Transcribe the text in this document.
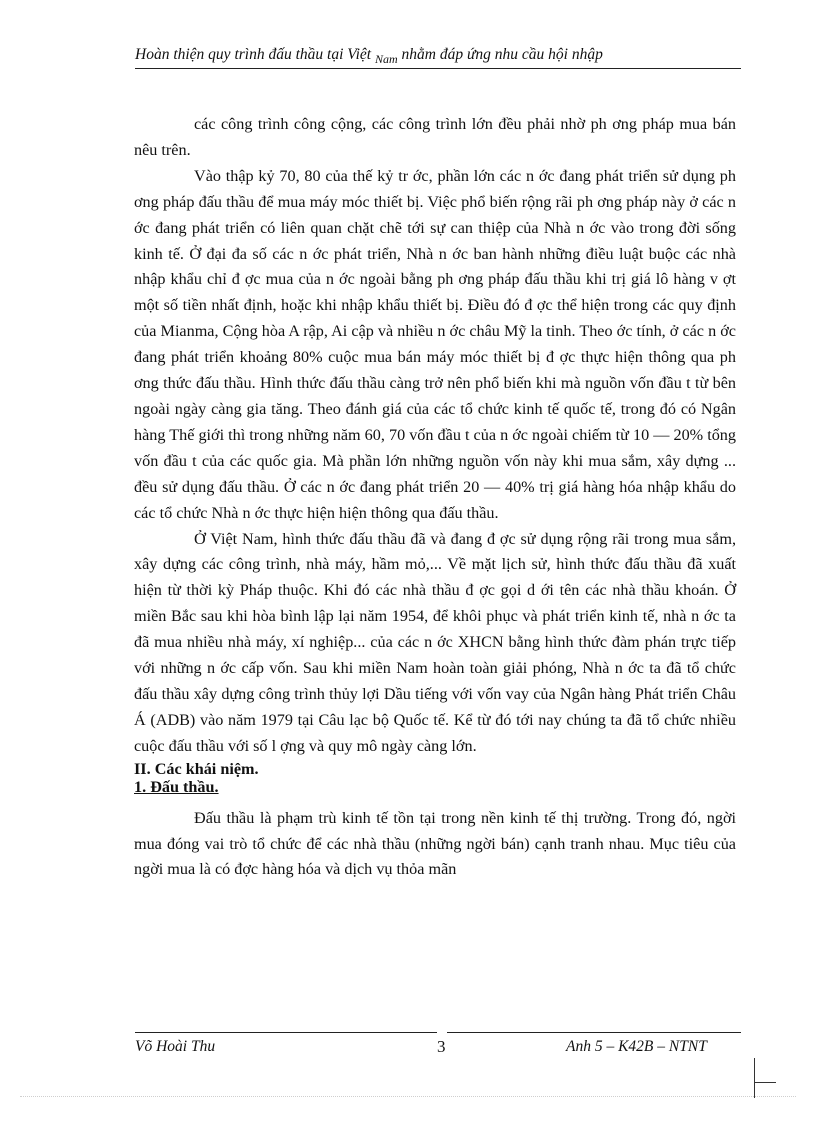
Hoàn thiện quy trình đấu thầu tại Việt $_{Nam}$ nhằm đáp ứng nhu cầu hội nhập

các công trình công cộng, các công trình lớn đều phải nhờ ph ơng pháp mua bán nêu trên.

Vào thập kỷ 70, 80 của thế kỷ tr ớc, phần lớn các n ớc đang phát triển sử dụng ph ơng pháp đấu thầu để mua máy móc thiết bị. Việc phổ biến rộng rãi ph ơng pháp này ở các n ớc đang phát triển có liên quan chặt chẽ tới sự can thiệp của Nhà n ớc vào trong đời sống kinh tế. Ở đại đa số các n ớc phát triển, Nhà n ớc ban hành những điều luật buộc các nhà nhập khẩu chỉ đ ợc mua của n ớc ngoài bằng ph ơng pháp đấu thầu khi trị giá lô hàng v ợt một số tiền nhất định, hoặc khi nhập khẩu thiết bị. Điều đó đ ợc thể hiện trong các quy định của Mianma, Cộng hòa A rập, Ai cập và nhiều n ớc châu Mỹ la tinh. Theo ớc tính, ở các n ớc đang phát triển khoảng 80% cuộc mua bán máy móc thiết bị đ ợc thực hiện thông qua ph ơng thức đấu thầu. Hình thức đấu thầu càng trở nên phổ biến khi mà nguồn vốn đầu t từ bên ngoài ngày càng gia tăng. Theo đánh giá của các tổ chức kinh tế quốc tế, trong đó có Ngân hàng Thế giới thì trong những năm 60, 70 vốn đầu t của n ớc ngoài chiếm từ 10 — 20% tổng vốn đầu t của các quốc gia. Mà phần lớn những nguồn vốn này khi mua sắm, xây dựng ... đều sử dụng đấu thầu. Ở các n ớc đang phát triển 20 — 40% trị giá hàng hóa nhập khẩu do các tổ chức Nhà n ớc thực hiện hiện thông qua đấu thầu.

Ở Việt Nam, hình thức đấu thầu đã và đang đ ợc sử dụng rộng rãi trong mua sắm, xây dựng các công trình, nhà máy, hầm mỏ,... Về mặt lịch sử, hình thức đấu thầu đã xuất hiện từ thời kỳ Pháp thuộc. Khi đó các nhà thầu đ ợc gọi d ới tên các nhà thầu khoán. Ở miền Bắc sau khi hòa bình lập lại năm 1954, để khôi phục và phát triển kinh tế, nhà n ớc ta đã mua nhiều nhà máy, xí nghiệp... của các n ớc XHCN bằng hình thức đàm phán trực tiếp với những n ớc cấp vốn. Sau khi miền Nam hoàn toàn giải phóng, Nhà n ớc ta đã tổ chức đấu thầu xây dựng công trình thủy lợi Dầu tiếng với vốn vay của Ngân hàng Phát triển Châu Á (ADB) vào năm 1979 tại Câu lạc bộ Quốc tế. Kể từ đó tới nay chúng ta đã tổ chức nhiều cuộc đấu thầu với số l ợng và quy mô ngày càng lớn.

II. Các khái niệm.
1. Đấu thầu.

Đấu thầu là phạm trù kinh tế tồn tại trong nền kinh tế thị trường. Trong đó, ngời mua đóng vai trò tổ chức để các nhà thầu (những ngời bán) cạnh tranh nhau. Mục tiêu của ngời mua là có đợc hàng hóa và dịch vụ thỏa mãn

Võ Hoài Thu	3	Anh 5 – K42B – NTNT
